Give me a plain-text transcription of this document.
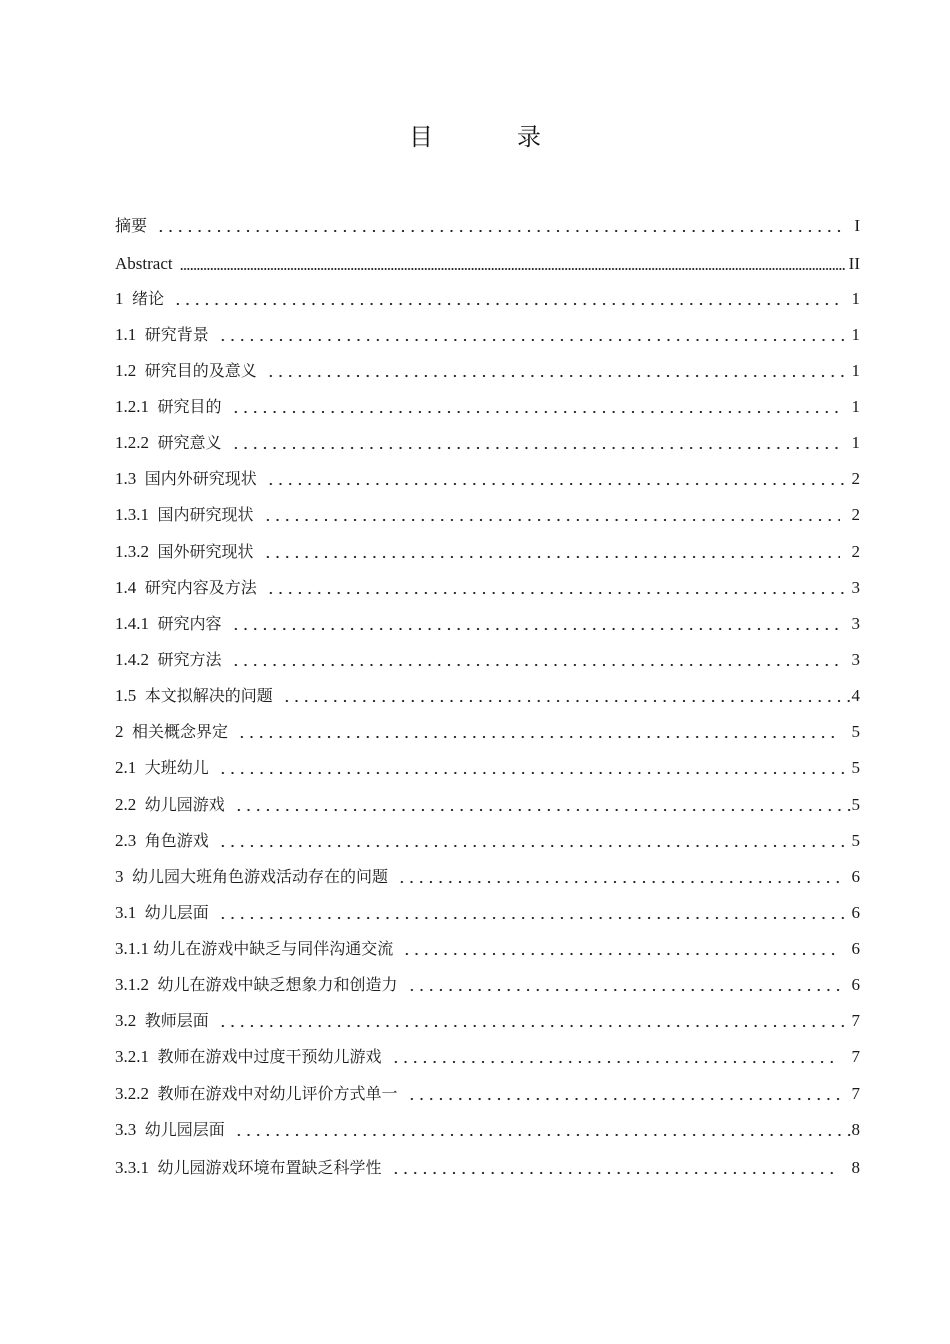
目　录
摘要	I
Abstract	II
1 绪论	1
1.1 研究背景	1
1.2 研究目的及意义	1
1.2.1 研究目的	1
1.2.2 研究意义	1
1.3 国内外研究现状	2
1.3.1 国内研究现状	2
1.3.2 国外研究现状	2
1.4 研究内容及方法	3
1.4.1 研究内容	3
1.4.2 研究方法	3
1.5 本文拟解决的问题	4
2 相关概念界定	5
2.1 大班幼儿	5
2.2 幼儿园游戏	5
2.3 角色游戏	5
3 幼儿园大班角色游戏活动存在的问题	6
3.1 幼儿层面	6
3.1.1 幼儿在游戏中缺乏与同伴沟通交流	6
3.1.2 幼儿在游戏中缺乏想象力和创造力	6
3.2 教师层面	7
3.2.1 教师在游戏中过度干预幼儿游戏	7
3.2.2 教师在游戏中对幼儿评价方式单一	7
3.3 幼儿园层面	8
3.3.1 幼儿园游戏环境布置缺乏科学性	8
